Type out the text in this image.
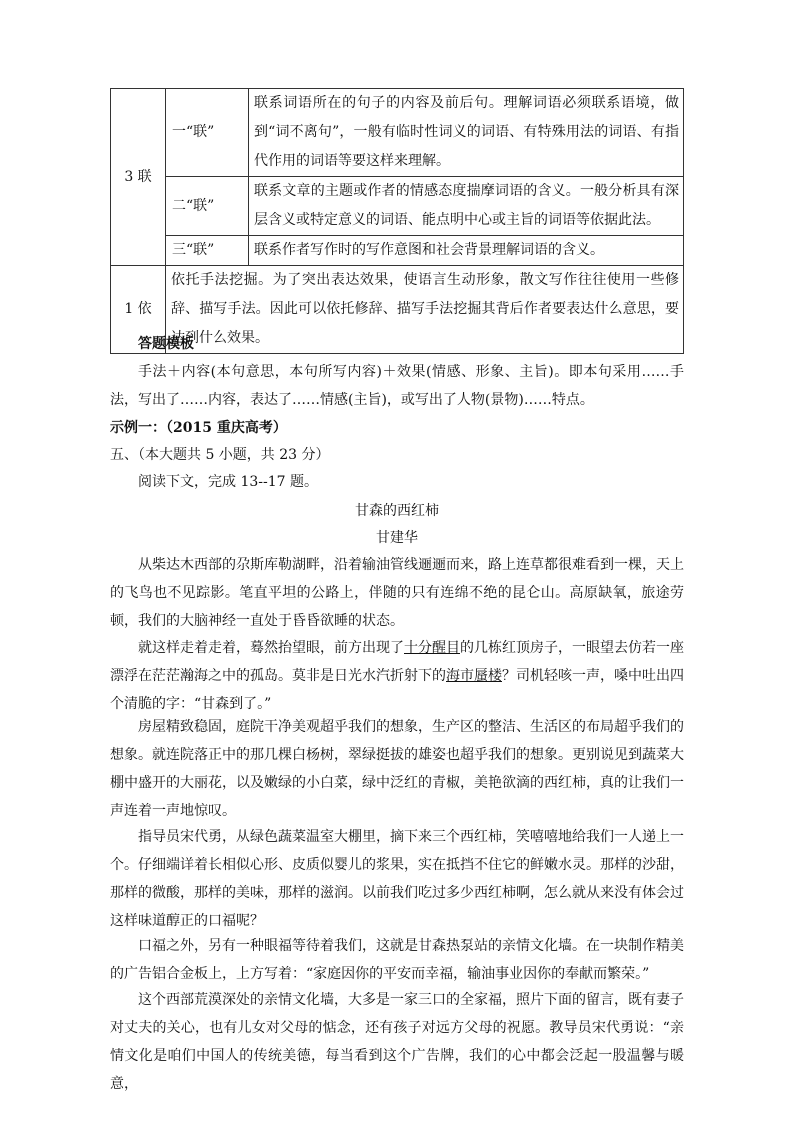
3 联	一“联”	联系词语所在的句子的内容及前后句。理解词语必须联系语境，做到“词不离句”，一般有临时性词义的词语、有特殊用法的词语、有指代作用的词语等要这样来理解。
	二“联”	联系文章的主题或作者的情感态度揣摩词语的含义。一般分析具有深层含义或特定意义的词语、能点明中心或主旨的词语等依据此法。
	三“联”	联系作者写作时的写作意图和社会背景理解词语的含义。
1 依	依托手法挖掘。为了突出表达效果，使语言生动形象，散文写作往往使用一些修辞、描写手法。因此可以依托修辞、描写手法挖掘其背后作者要表达什么意思，要达到什么效果。	
答题模板
手法＋内容(本句意思，本句所写内容)＋效果(情感、形象、主旨)。即本句采用……手法，写出了……内容，表达了……情感(主旨)，或写出了人物(景物)……特点。
示例一：（2015 重庆高考）
五、（本大题共 5 小题，共 23 分）
阅读下文，完成 13--17 题。
甘森的西红柿
甘建华
从柴达木西部的尕斯库勒湖畔，沿着输油管线逦逦而来，路上连草都很难看到一棵，天上的飞鸟也不见踪影。笔直平坦的公路上，伴随的只有连绵不绝的昆仑山。高原缺氧，旅途劳顿，我们的大脑神经一直处于昏昏欲睡的状态。
就这样走着走着，蓦然抬望眼，前方出现了十分醒目的几栋红顶房子，一眼望去仿若一座漂浮在茫茫瀚海之中的孤岛。莫非是日光水汽折射下的海市蜃楼？司机轻咳一声，嗓中吐出四个清脆的字：“甘森到了。”
房屋精致稳固，庭院干净美观超乎我们的想象，生产区的整洁、生活区的布局超乎我们的想象。就连院落正中的那几棵白杨树，翠绿挺拔的雄姿也超乎我们的想象。更别说见到蔬菜大棚中盛开的大丽花，以及嫩绿的小白菜，绿中泛红的青椒，美艳欲滴的西红柿，真的让我们一声连着一声地惊叹。
指导员宋代勇，从绿色蔬菜温室大棚里，摘下来三个西红柿，笑嘻嘻地给我们一人递上一个。仔细端详着长相似心形、皮质似婴儿的浆果，实在抵挡不住它的鲜嫩水灵。那样的沙甜，那样的微酸，那样的美味，那样的滋润。以前我们吃过多少西红柿啊，怎么就从来没有体会过这样味道醇正的口福呢？
口福之外，另有一种眼福等待着我们，这就是甘森热泵站的亲情文化墙。在一块制作精美的广告铝合金板上，上方写着：“家庭因你的平安而幸福，输油事业因你的奉献而繁荣。”
这个西部荒漠深处的亲情文化墙，大多是一家三口的全家福，照片下面的留言，既有妻子对丈夫的关心，也有儿女对父母的惦念，还有孩子对远方父母的祝愿。教导员宋代勇说：“亲情文化是咱们中国人的传统美德，每当看到这个广告牌，我们的心中都会泛起一股温馨与暖意，
